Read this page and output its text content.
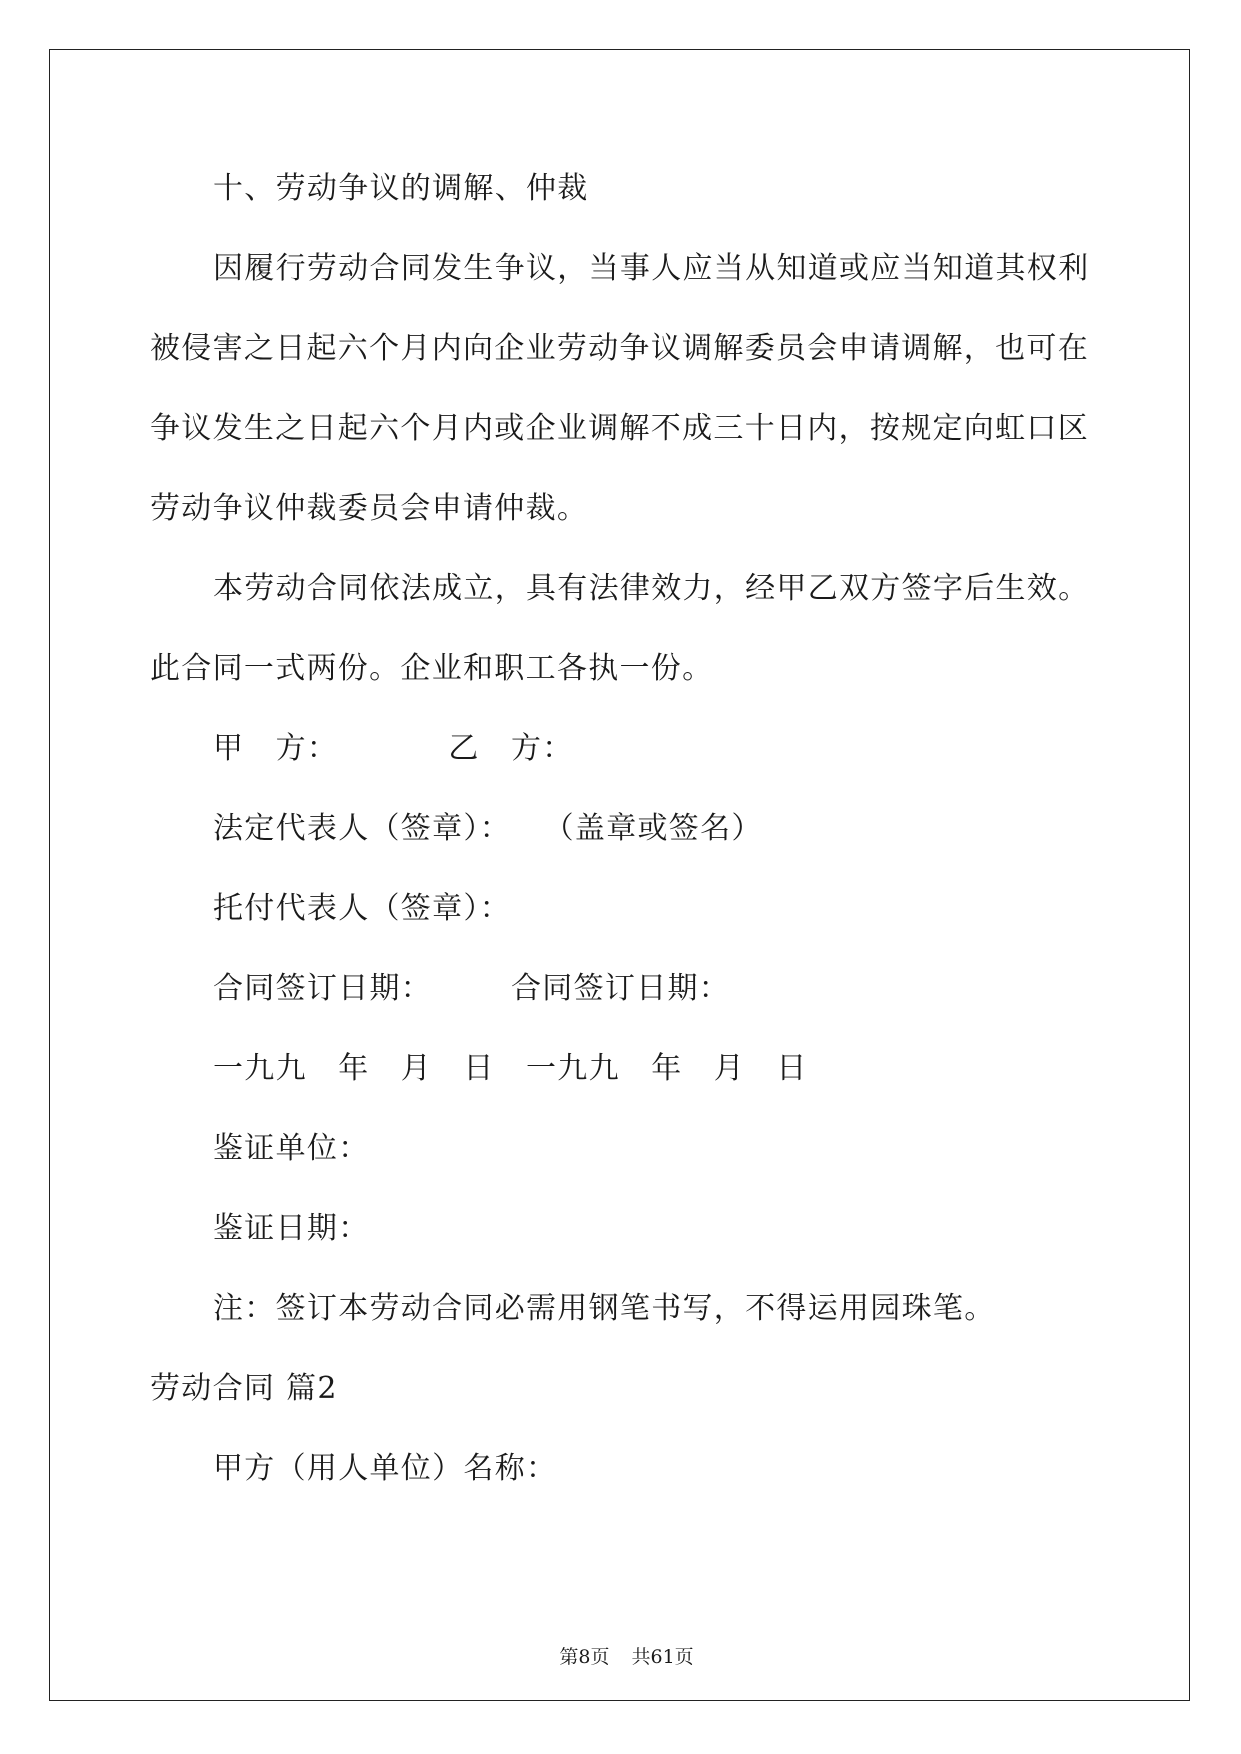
十、劳动争议的调解、仲裁
因履行劳动合同发生争议，当事人应当从知道或应当知道其权利
被侵害之日起六个月内向企业劳动争议调解委员会申请调解，也可在
争议发生之日起六个月内或企业调解不成三十日内，按规定向虹口区
劳动争议仲裁委员会申请仲裁。
本劳动合同依法成立，具有法律效力，经甲乙双方签字后生效。
此合同一式两份。企业和职工各执一份。
甲　方：　　　　乙　方：
法定代表人（签章）：　　（盖章或签名）
托付代表人（签章）：
合同签订日期：　　　合同签订日期：
一九九　年　月　日　一九九　年　月　日
鉴证单位：
鉴证日期：
注：签订本劳动合同必需用钢笔书写，不得运用园珠笔。
劳动合同 篇2
甲方（用人单位）名称：

第8页 共61页
